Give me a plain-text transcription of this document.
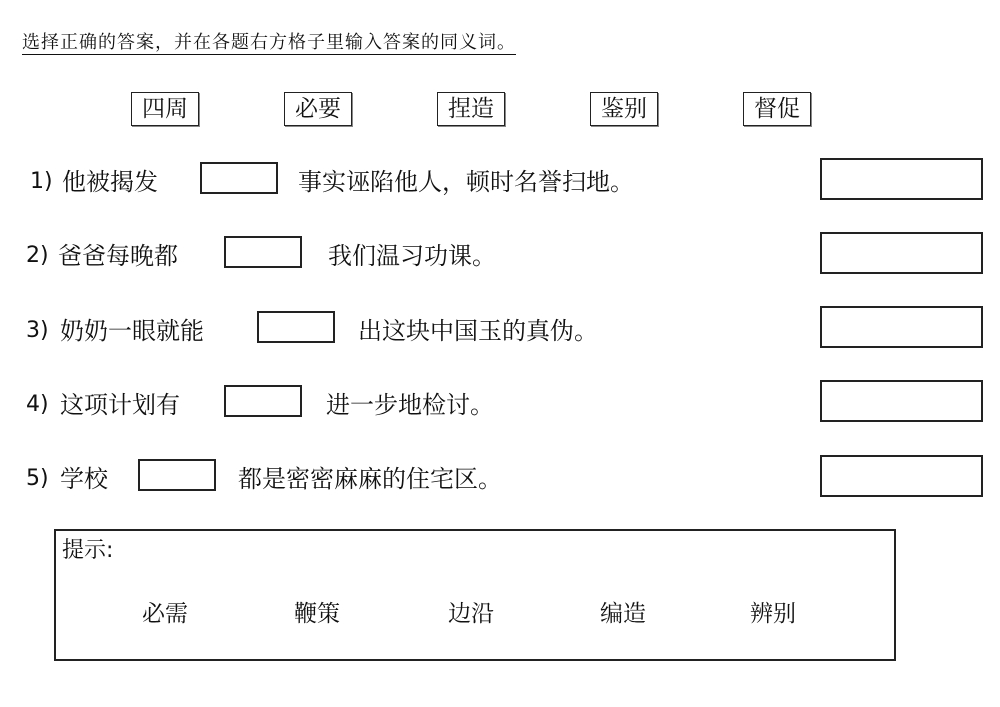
选择正确的答案，并在各题右方格子里输入答案的同义词。
四周	必要	捏造	鉴别	督促
1) 他被揭发	事实诬陷他人，顿时名誉扫地。
2) 爸爸每晚都	我们温习功课。
3) 奶奶一眼就能	出这块中国玉的真伪。
4) 这项计划有	进一步地检讨。
5) 学校	都是密密麻麻的住宅区。
提示:
必需	鞭策	边沿	编造	辨别
